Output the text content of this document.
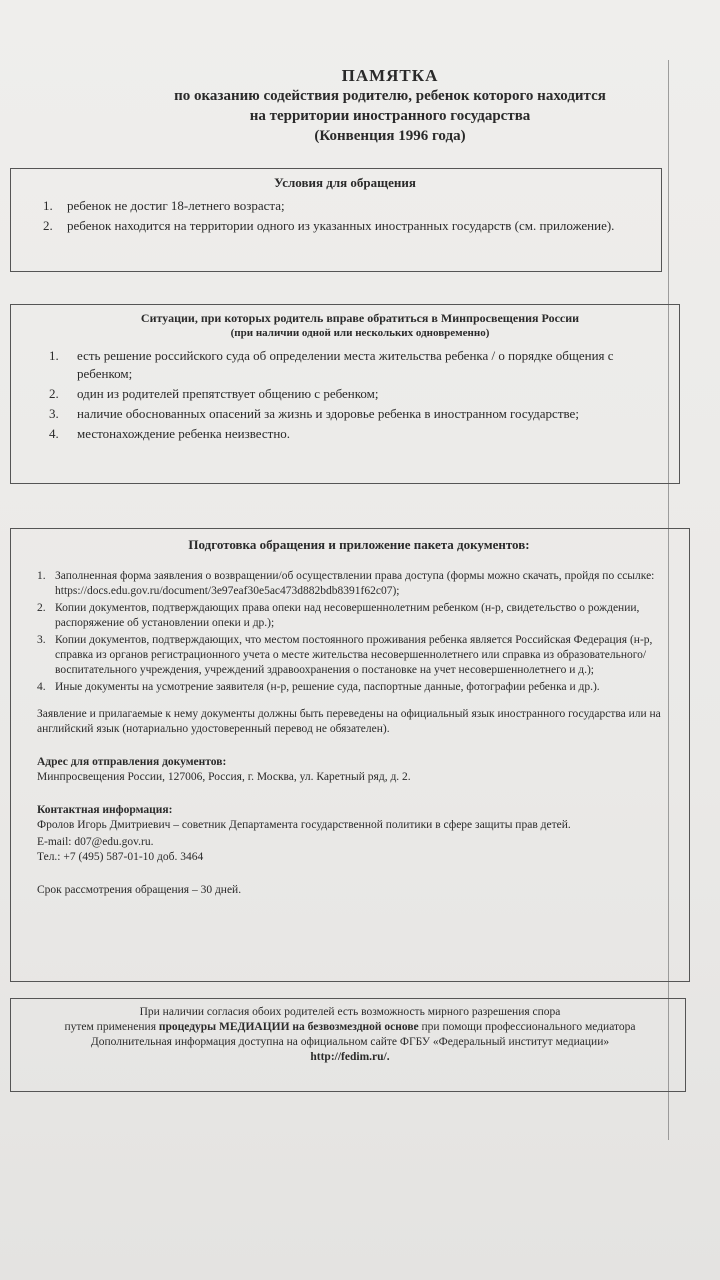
ПАМЯТКА
по оказанию содействия родителю, ребенок которого находится
на территории иностранного государства
(Конвенция 1996 года)
Условия для обращения
1. ребенок не достиг 18-летнего возраста;
2. ребенок находится на территории одного из указанных иностранных государств (см. приложение).
Ситуации, при которых родитель вправе обратиться в Минпросвещения России
(при наличии одной или нескольких одновременно)
1. есть решение российского суда об определении места жительства ребенка / о порядке общения с ребенком;
2. один из родителей препятствует общению с ребенком;
3. наличие обоснованных опасений за жизнь и здоровье ребенка в иностранном государстве;
4. местонахождение ребенка неизвестно.
Подготовка обращения и приложение пакета документов:
1. Заполненная форма заявления о возвращении/об осуществлении права доступа (формы можно скачать, пройдя по ссылке: https://docs.edu.gov.ru/document/3e97eaf30e5ac473d882bdb8391f62c07);
2. Копии документов, подтверждающих права опеки над несовершеннолетним ребенком (н-р, свидетельство о рождении, распоряжение об установлении опеки и др.);
3. Копии документов, подтверждающих, что местом постоянного проживания ребенка является Российская Федерация (н-р, справка из органов регистрационного учета о месте жительства несовершеннолетнего или справка из образовательного/воспитательного учреждения, учреждений здравоохранения о постановке на учет несовершеннолетнего и д.);
4. Иные документы на усмотрение заявителя (н-р, решение суда, паспортные данные, фотографии ребенка и др.).

Заявление и прилагаемые к нему документы должны быть переведены на официальный язык иностранного государства или на английский язык (нотариально удостоверенный перевод не обязателен).

Адрес для отправления документов:

Минпросвещения России, 127006, Россия, г. Москва, ул. Каретный ряд, д. 2.

Контактная информация:

Фролов Игорь Дмитриевич – советник Департамента государственной политики в сфере защиты прав детей.

E-mail: d07@edu.gov.ru.

Тел.: +7 (495) 587-01-10 доб. 3464

Срок рассмотрения обращения – 30 дней.

При наличии согласия обоих родителей есть возможность мирного разрешения спора

путем применения процедуры МЕДИАЦИИ на безвозмездной основе при помощи профессионального медиатора

Дополнительная информация доступна на официальном сайте ФГБУ «Федеральный институт медиации»

http://fedim.ru/.
